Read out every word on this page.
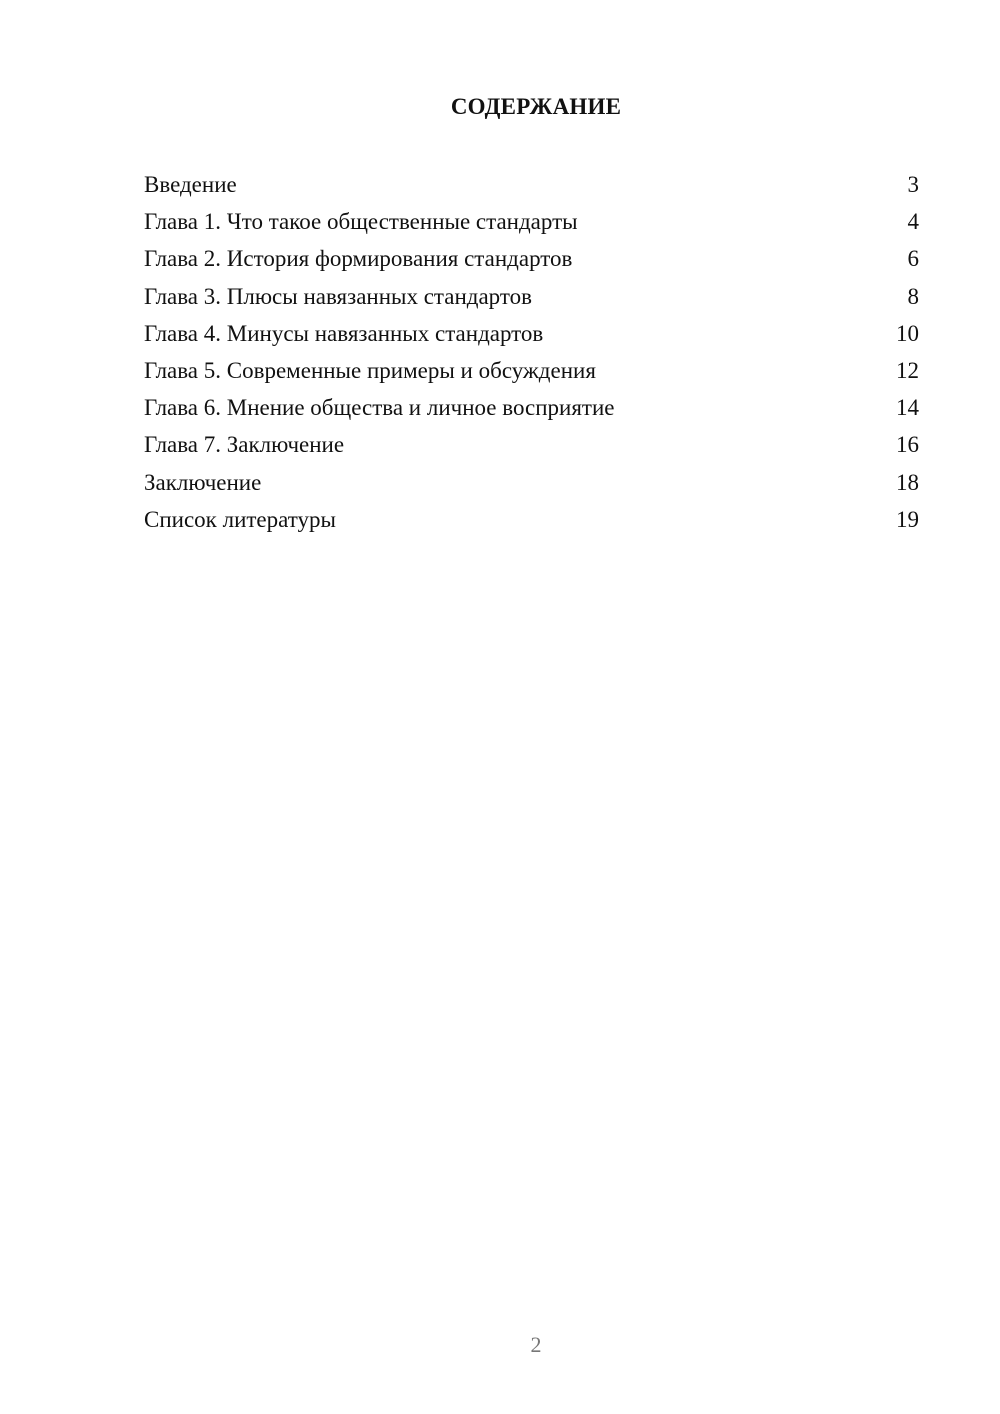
СОДЕРЖАНИЕ
Введение	3
Глава 1. Что такое общественные стандарты	4
Глава 2. История формирования стандартов	6
Глава 3. Плюсы навязанных стандартов	8
Глава 4. Минусы навязанных стандартов	10
Глава 5. Современные примеры и обсуждения	12
Глава 6. Мнение общества и личное восприятие	14
Глава 7. Заключение	16
Заключение	18
Список литературы	19
2
